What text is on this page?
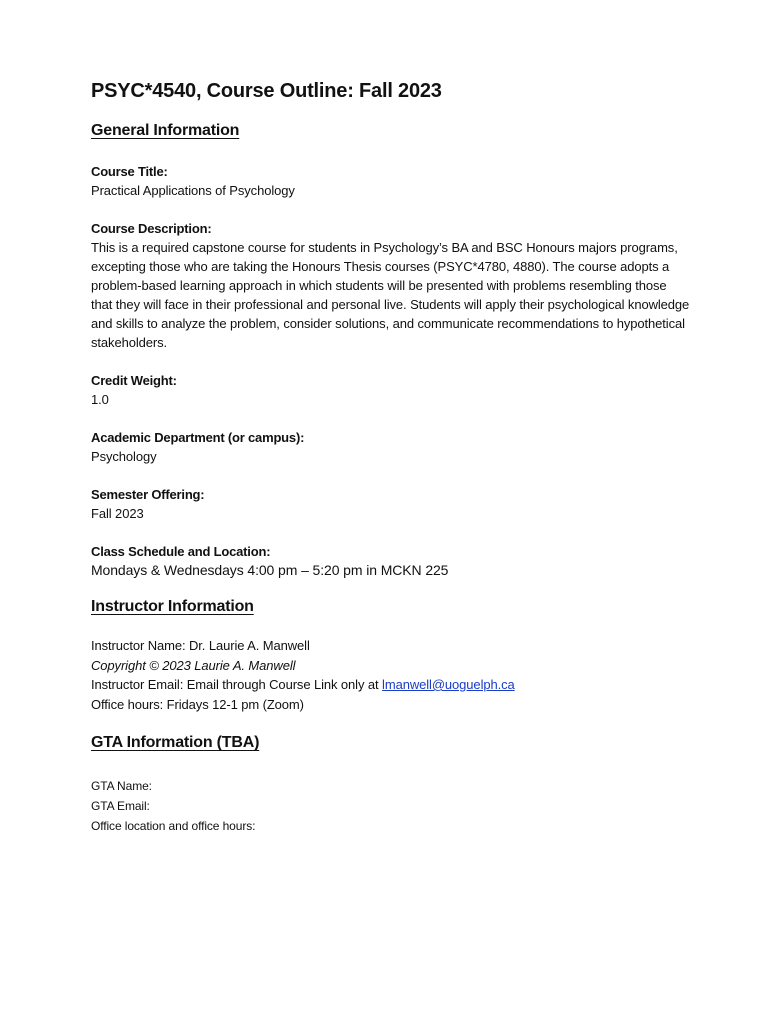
PSYC*4540, Course Outline: Fall 2023
General Information

Course Title:

Practical Applications of Psychology

Course Description:

This is a required capstone course for students in Psychology’s BA and BSC Honours majors programs, excepting those who are taking the Honours Thesis courses (PSYC*4780, 4880). The course adopts a problem-based learning approach in which students will be presented with problems resembling those that they will face in their professional and personal live. Students will apply their psychological knowledge and skills to analyze the problem, consider solutions, and communicate recommendations to hypothetical stakeholders.

Credit Weight:

1.0

Academic Department (or campus):

Psychology

Semester Offering:

Fall 2023

Class Schedule and Location:

Mondays & Wednesdays 4:00 pm – 5:20 pm in MCKN 225

Instructor Information

Instructor Name: Dr. Laurie A. Manwell

Copyright © 2023 Laurie A. Manwell

Instructor Email: Email through Course Link only at lmanwell@uoguelph.ca

Office hours: Fridays 12-1 pm (Zoom)

GTA Information (TBA)

GTA Name:

GTA Email:

Office location and office hours:
